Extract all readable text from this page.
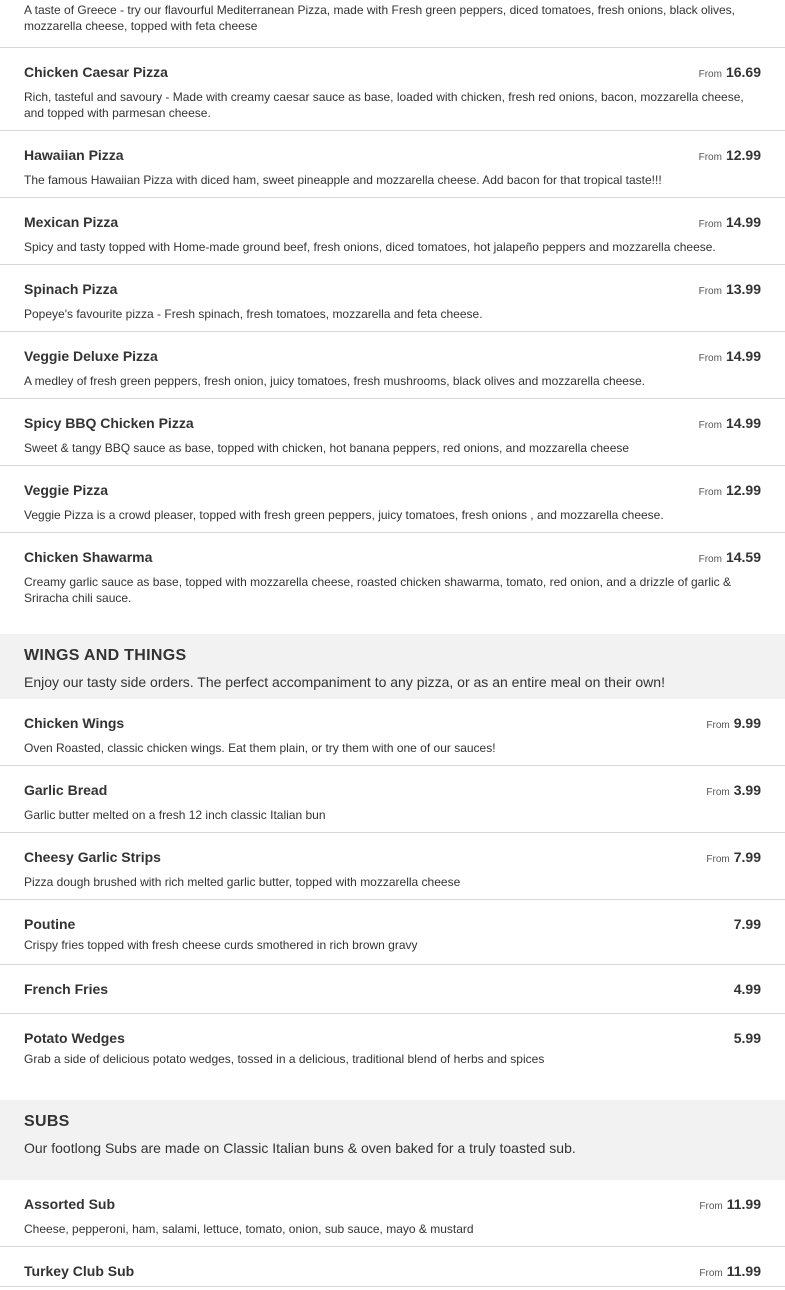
A taste of Greece - try our flavourful Mediterranean Pizza, made with Fresh green peppers, diced tomatoes, fresh onions, black olives, mozzarella cheese, topped with feta cheese
Chicken Caesar Pizza	From 16.69
Rich, tasteful and savoury - Made with creamy caesar sauce as base, loaded with chicken, fresh red onions, bacon, mozzarella cheese, and topped with parmesan cheese.
Hawaiian Pizza	From 12.99
The famous Hawaiian Pizza with diced ham, sweet pineapple and mozzarella cheese. Add bacon for that tropical taste!!!
Mexican Pizza	From 14.99
Spicy and tasty topped with Home-made ground beef, fresh onions, diced tomatoes, hot jalapeño peppers and mozzarella cheese.
Spinach Pizza	From 13.99
Popeye's favourite pizza - Fresh spinach, fresh tomatoes, mozzarella and feta cheese.
Veggie Deluxe Pizza	From 14.99
A medley of fresh green peppers, fresh onion, juicy tomatoes, fresh mushrooms, black olives and mozzarella cheese.
Spicy BBQ Chicken Pizza	From 14.99
Sweet & tangy BBQ sauce as base, topped with chicken, hot banana peppers, red onions, and mozzarella cheese
Veggie Pizza	From 12.99
Veggie Pizza is a crowd pleaser, topped with fresh green peppers, juicy tomatoes, fresh onions , and mozzarella cheese.
Chicken Shawarma	From 14.59
Creamy garlic sauce as base, topped with mozzarella cheese, roasted chicken shawarma, tomato, red onion, and a drizzle of garlic & Sriracha chili sauce.
WINGS AND THINGS
Enjoy our tasty side orders. The perfect accompaniment to any pizza, or as an entire meal on their own!
Chicken Wings	From 9.99
Oven Roasted, classic chicken wings. Eat them plain, or try them with one of our sauces!
Garlic Bread	From 3.99
Garlic butter melted on a fresh 12 inch classic Italian bun
Cheesy Garlic Strips	From 7.99
Pizza dough brushed with rich melted garlic butter, topped with mozzarella cheese
Poutine	7.99
Crispy fries topped with fresh cheese curds smothered in rich brown gravy
French Fries	4.99
Potato Wedges	5.99
Grab a side of delicious potato wedges, tossed in a delicious, traditional blend of herbs and spices
SUBS
Our footlong Subs are made on Classic Italian buns & oven baked for a truly toasted sub.
Assorted Sub	From 11.99
Cheese, pepperoni, ham, salami, lettuce, tomato, onion, sub sauce, mayo & mustard
Turkey Club Sub	From 11.99
